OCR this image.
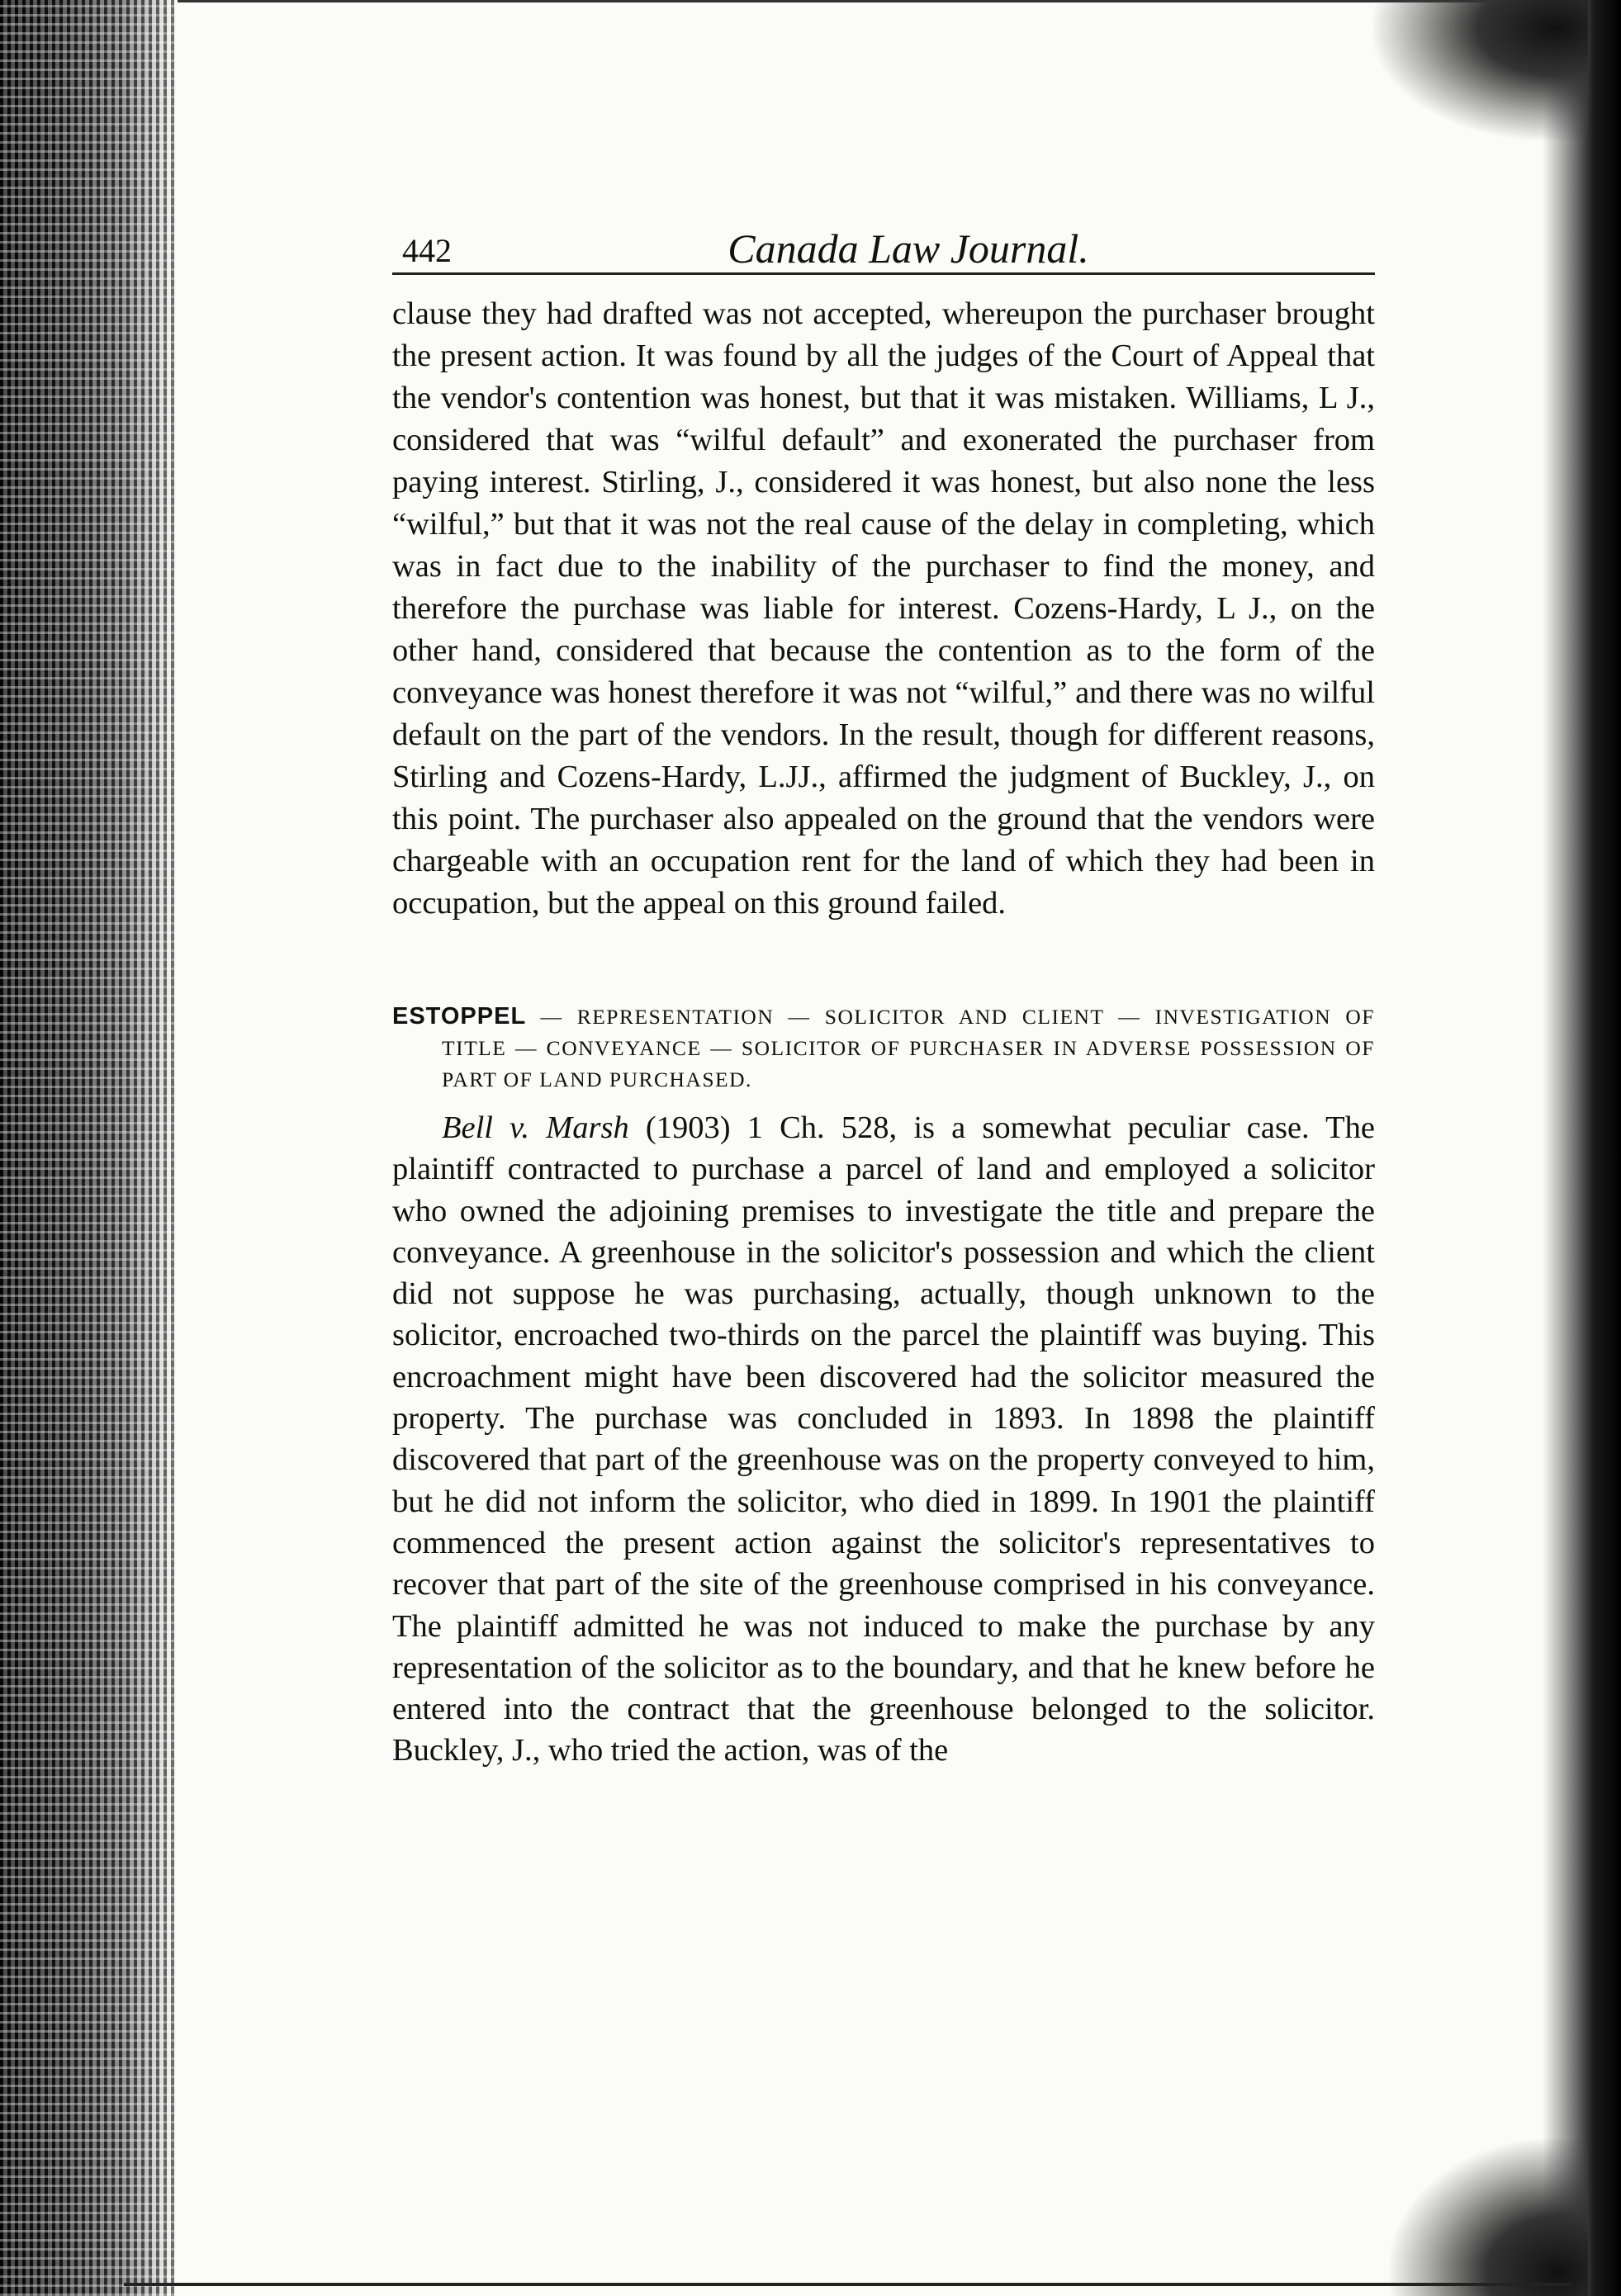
442	Canada Law Journal.

clause they had drafted was not accepted, whereupon the purchaser brought the present action. It was found by all the judges of the Court of Appeal that the vendor's contention was honest, but that it was mistaken. Williams, L J., considered that was “wilful default” and exonerated the purchaser from paying interest. Stirling, J., considered it was honest, but also none the less “wilful,” but that it was not the real cause of the delay in completing, which was in fact due to the inability of the purchaser to find the money, and therefore the purchase was liable for interest. Cozens-Hardy, L J., on the other hand, considered that because the contention as to the form of the conveyance was honest therefore it was not “wilful,” and there was no wilful default on the part of the vendors. In the result, though for different reasons, Stirling and Cozens-Hardy, L.JJ., affirmed the judgment of Buckley, J., on this point. The purchaser also appealed on the ground that the vendors were chargeable with an occupation rent for the land of which they had been in occupation, but the appeal on this ground failed.

ESTOPPEL — REPRESENTATION — SOLICITOR AND CLIENT — INVESTIGATION OF TITLE — CONVEYANCE — SOLICITOR OF PURCHASER IN ADVERSE POSSESSION OF PART OF LAND PURCHASED.

Bell v. Marsh (1903) 1 Ch. 528, is a somewhat peculiar case. The plaintiff contracted to purchase a parcel of land and employed a solicitor who owned the adjoining premises to investigate the title and prepare the conveyance. A greenhouse in the solicitor's possession and which the client did not suppose he was purchasing, actually, though unknown to the solicitor, encroached two-thirds on the parcel the plaintiff was buying. This encroachment might have been discovered had the solicitor measured the property. The purchase was concluded in 1893. In 1898 the plaintiff discovered that part of the greenhouse was on the property conveyed to him, but he did not inform the solicitor, who died in 1899. In 1901 the plaintiff commenced the present action against the solicitor's representatives to recover that part of the site of the greenhouse comprised in his conveyance. The plaintiff admitted he was not induced to make the purchase by any representation of the solicitor as to the boundary, and that he knew before he entered into the contract that the greenhouse belonged to the solicitor. Buckley, J., who tried the action, was of the
